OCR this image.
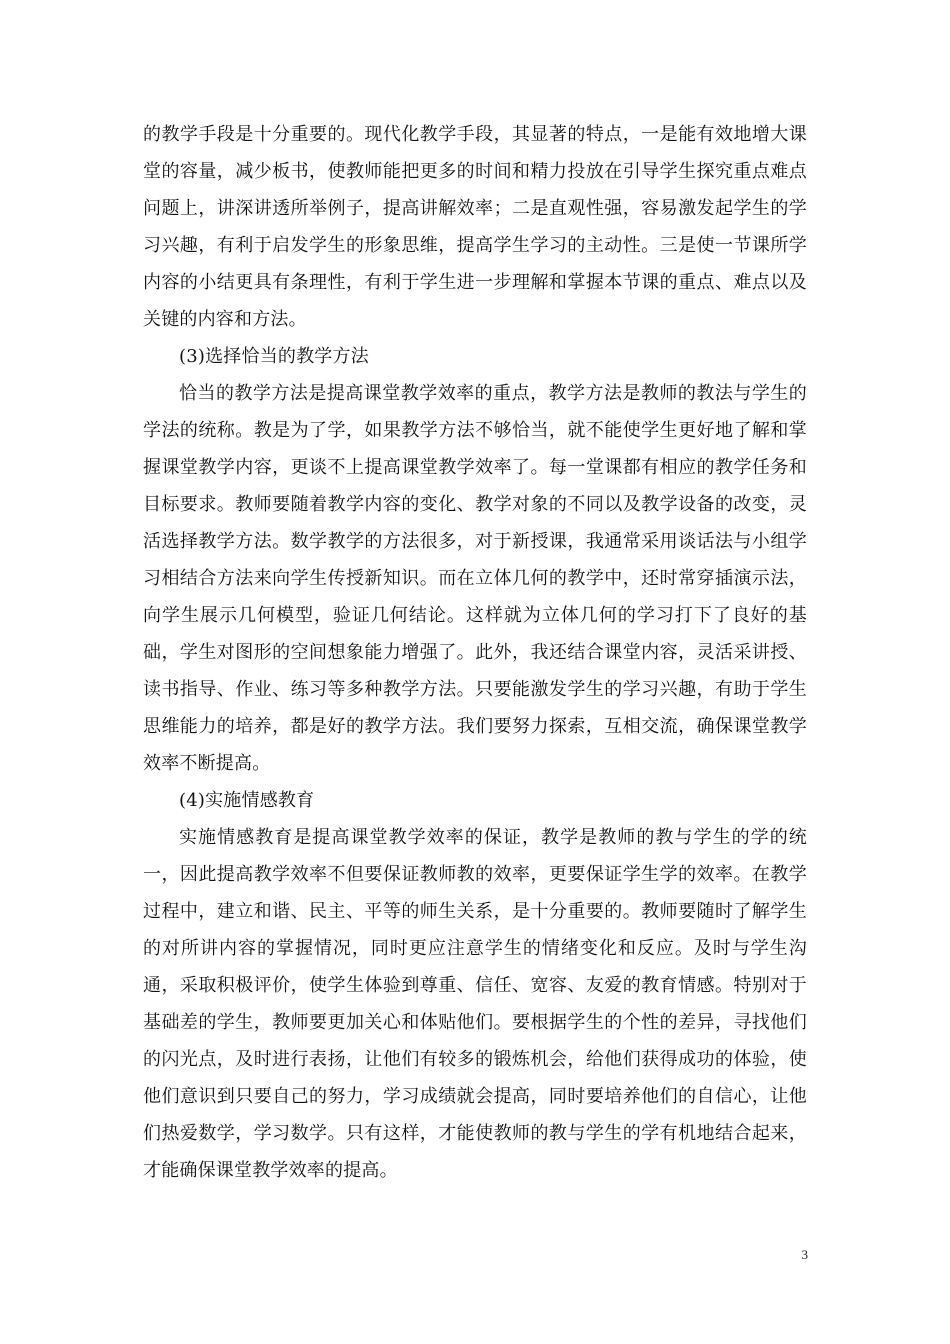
的教学手段是十分重要的。现代化教学手段，其显著的特点，一是能有效地增大课堂的容量，减少板书，使教师能把更多的时间和精力投放在引导学生探究重点难点问题上，讲深讲透所举例子，提高讲解效率；二是直观性强，容易激发起学生的学习兴趣，有利于启发学生的形象思维，提高学生学习的主动性。三是使一节课所学内容的小结更具有条理性，有利于学生进一步理解和掌握本节课的重点、难点以及关键的内容和方法。

(3)选择恰当的教学方法

恰当的教学方法是提高课堂教学效率的重点，教学方法是教师的教法与学生的学法的统称。教是为了学，如果教学方法不够恰当，就不能使学生更好地了解和掌握课堂教学内容，更谈不上提高课堂教学效率了。每一堂课都有相应的教学任务和目标要求。教师要随着教学内容的变化、教学对象的不同以及教学设备的改变，灵活选择教学方法。数学教学的方法很多，对于新授课，我通常采用谈话法与小组学习相结合方法来向学生传授新知识。而在立体几何的教学中，还时常穿插演示法，向学生展示几何模型，验证几何结论。这样就为立体几何的学习打下了良好的基础，学生对图形的空间想象能力增强了。此外，我还结合课堂内容，灵活采讲授、读书指导、作业、练习等多种教学方法。只要能激发学生的学习兴趣，有助于学生思维能力的培养，都是好的教学方法。我们要努力探索，互相交流，确保课堂教学效率不断提高。

(4)实施情感教育

实施情感教育是提高课堂教学效率的保证，教学是教师的教与学生的学的统一，因此提高教学效率不但要保证教师教的效率，更要保证学生学的效率。在教学过程中，建立和谐、民主、平等的师生关系，是十分重要的。教师要随时了解学生的对所讲内容的掌握情况，同时更应注意学生的情绪变化和反应。及时与学生沟通，采取积极评价，使学生体验到尊重、信任、宽容、友爱的教育情感。特别对于基础差的学生，教师要更加关心和体贴他们。要根据学生的个性的差异，寻找他们的闪光点，及时进行表扬，让他们有较多的锻炼机会，给他们获得成功的体验，使他们意识到只要自己的努力，学习成绩就会提高，同时要培养他们的自信心，让他们热爱数学，学习数学。只有这样，才能使教师的教与学生的学有机地结合起来，才能确保课堂教学效率的提高。

3
